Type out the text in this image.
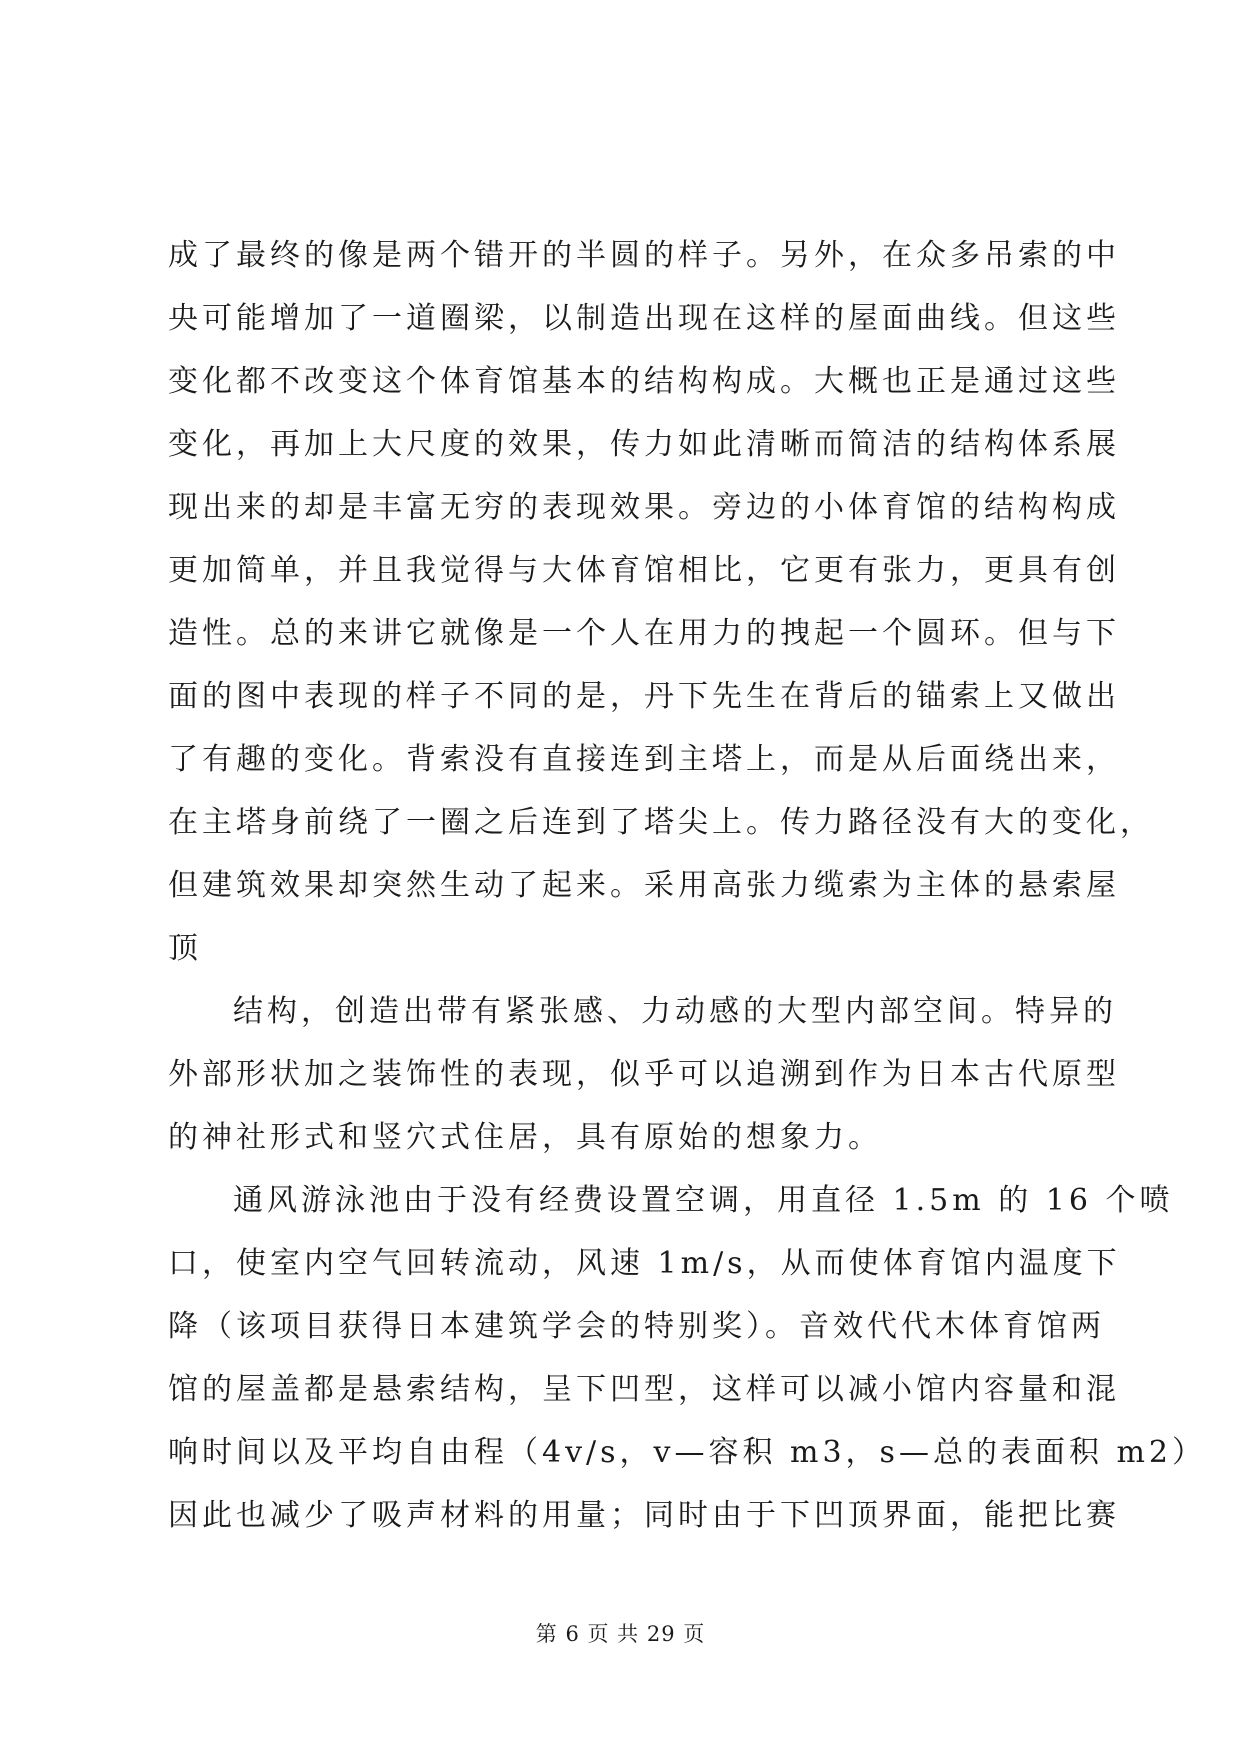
成了最终的像是两个错开的半圆的样子。另外，在众多吊索的中
央可能增加了一道圈梁，以制造出现在这样的屋面曲线。但这些
变化都不改变这个体育馆基本的结构构成。大概也正是通过这些
变化，再加上大尺度的效果，传力如此清晰而简洁的结构体系展
现出来的却是丰富无穷的表现效果。旁边的小体育馆的结构构成
更加简单，并且我觉得与大体育馆相比，它更有张力，更具有创
造性。总的来讲它就像是一个人在用力的拽起一个圆环。但与下
面的图中表现的样子不同的是，丹下先生在背后的锚索上又做出
了有趣的变化。背索没有直接连到主塔上，而是从后面绕出来，
在主塔身前绕了一圈之后连到了塔尖上。传力路径没有大的变化，
但建筑效果却突然生动了起来。采用高张力缆索为主体的悬索屋
顶

结构，创造出带有紧张感、力动感的大型内部空间。特异的
外部形状加之装饰性的表现，似乎可以追溯到作为日本古代原型
的神社形式和竖穴式住居，具有原始的想象力。

通风游泳池由于没有经费设置空调，用直径 1.5m 的 16 个喷
口，使室内空气回转流动，风速 1m/s，从而使体育馆内温度下
降（该项目获得日本建筑学会的特别奖）。音效代代木体育馆两
馆的屋盖都是悬索结构，呈下凹型，这样可以减小馆内容量和混
响时间以及平均自由程（4v/s，v—容积 m3，s—总的表面积 m2）
因此也减少了吸声材料的用量；同时由于下凹顶界面，能把比赛

第 6 页 共 29 页
